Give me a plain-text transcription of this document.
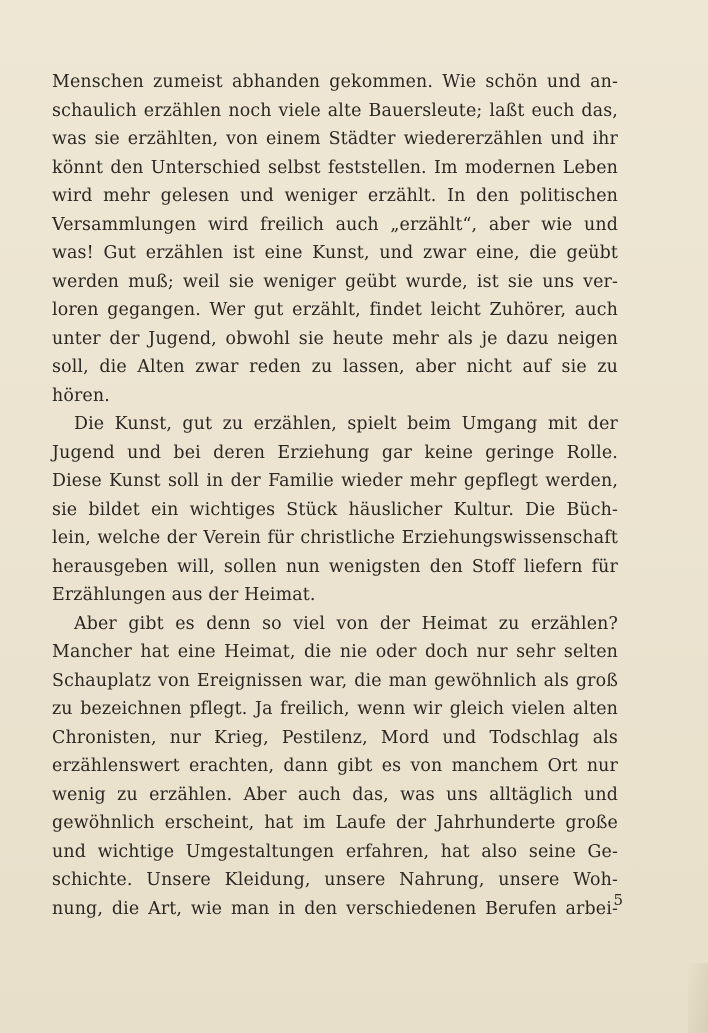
Menschen zumeist abhanden gekommen. Wie schön und an-
schaulich erzählen noch viele alte Bauersleute; laßt euch das,
was sie erzählten, von einem Städter wiedererzählen und ihr
könnt den Unterschied selbst feststellen. Im modernen Leben
wird mehr gelesen und weniger erzählt. In den politischen
Versammlungen wird freilich auch „erzählt“, aber wie und
was! Gut erzählen ist eine Kunst, und zwar eine, die geübt
werden muß; weil sie weniger geübt wurde, ist sie uns ver-
loren gegangen. Wer gut erzählt, findet leicht Zuhörer, auch
unter der Jugend, obwohl sie heute mehr als je dazu neigen
soll, die Alten zwar reden zu lassen, aber nicht auf sie zu
hören.
Die Kunst, gut zu erzählen, spielt beim Umgang mit der
Jugend und bei deren Erziehung gar keine geringe Rolle.
Diese Kunst soll in der Familie wieder mehr gepflegt werden,
sie bildet ein wichtiges Stück häuslicher Kultur. Die Büch-
lein, welche der Verein für christliche Erziehungswissenschaft
herausgeben will, sollen nun wenigsten den Stoff liefern für
Erzählungen aus der Heimat.
Aber gibt es denn so viel von der Heimat zu erzählen?
Mancher hat eine Heimat, die nie oder doch nur sehr selten
Schauplatz von Ereignissen war, die man gewöhnlich als groß
zu bezeichnen pflegt. Ja freilich, wenn wir gleich vielen alten
Chronisten, nur Krieg, Pestilenz, Mord und Todschlag als
erzählenswert erachten, dann gibt es von manchem Ort nur
wenig zu erzählen. Aber auch das, was uns alltäglich und
gewöhnlich erscheint, hat im Laufe der Jahrhunderte große
und wichtige Umgestaltungen erfahren, hat also seine Ge-
schichte. Unsere Kleidung, unsere Nahrung, unsere Woh-
nung, die Art, wie man in den verschiedenen Berufen arbei-
5
